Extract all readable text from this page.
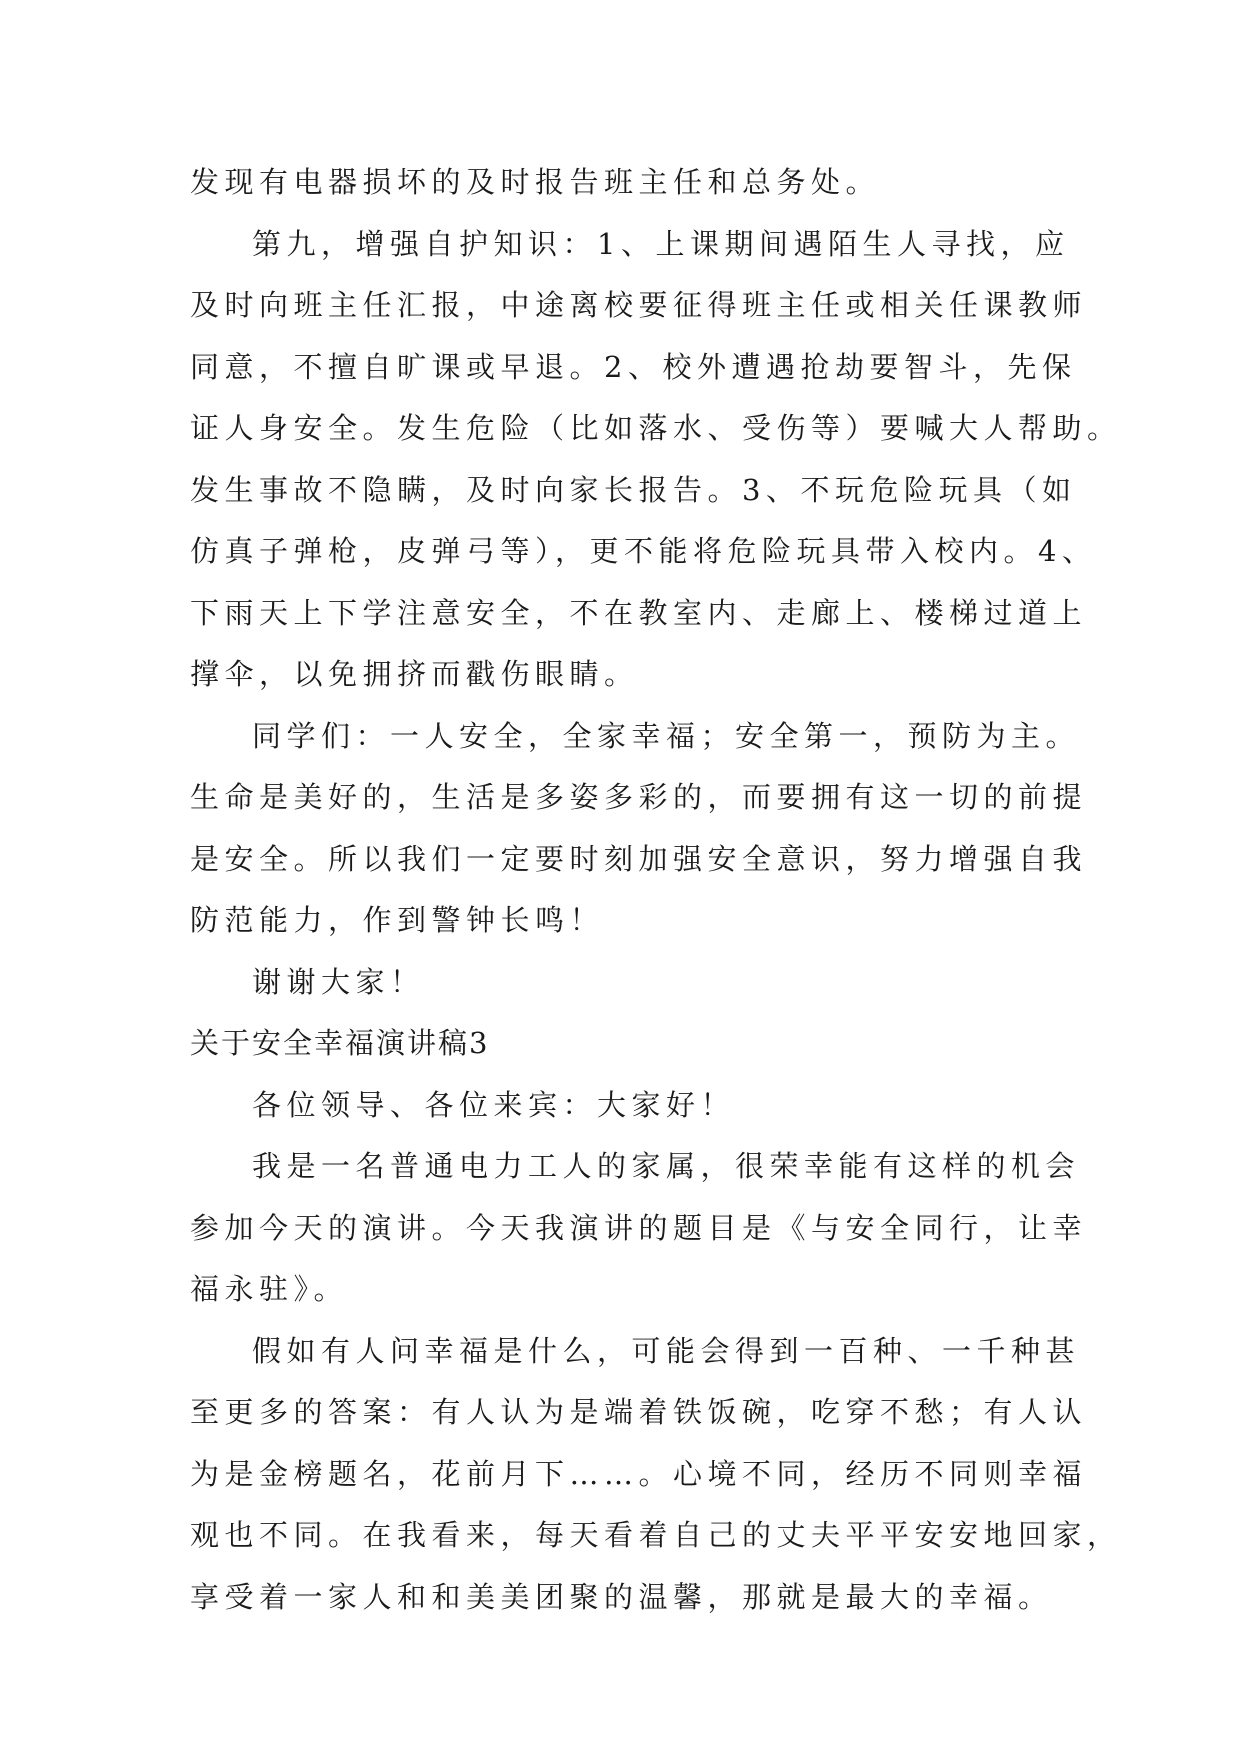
发现有电器损坏的及时报告班主任和总务处。
第九，增强自护知识：1、上课期间遇陌生人寻找，应
及时向班主任汇报，中途离校要征得班主任或相关任课教师
同意，不擅自旷课或早退。2、校外遭遇抢劫要智斗，先保
证人身安全。发生危险（比如落水、受伤等）要喊大人帮助。
发生事故不隐瞒，及时向家长报告。3、不玩危险玩具（如
仿真子弹枪，皮弹弓等），更不能将危险玩具带入校内。4、
下雨天上下学注意安全，不在教室内、走廊上、楼梯过道上
撑伞，以免拥挤而戳伤眼睛。
同学们：一人安全，全家幸福；安全第一，预防为主。
生命是美好的，生活是多姿多彩的，而要拥有这一切的前提
是安全。所以我们一定要时刻加强安全意识，努力增强自我
防范能力，作到警钟长鸣！
谢谢大家！
关于安全幸福演讲稿3
各位领导、各位来宾：大家好！
我是一名普通电力工人的家属，很荣幸能有这样的机会
参加今天的演讲。今天我演讲的题目是《与安全同行，让幸
福永驻》。
假如有人问幸福是什么，可能会得到一百种、一千种甚
至更多的答案：有人认为是端着铁饭碗，吃穿不愁；有人认
为是金榜题名，花前月下……。心境不同，经历不同则幸福
观也不同。在我看来，每天看着自己的丈夫平平安安地回家，
享受着一家人和和美美团聚的温馨，那就是最大的幸福。
